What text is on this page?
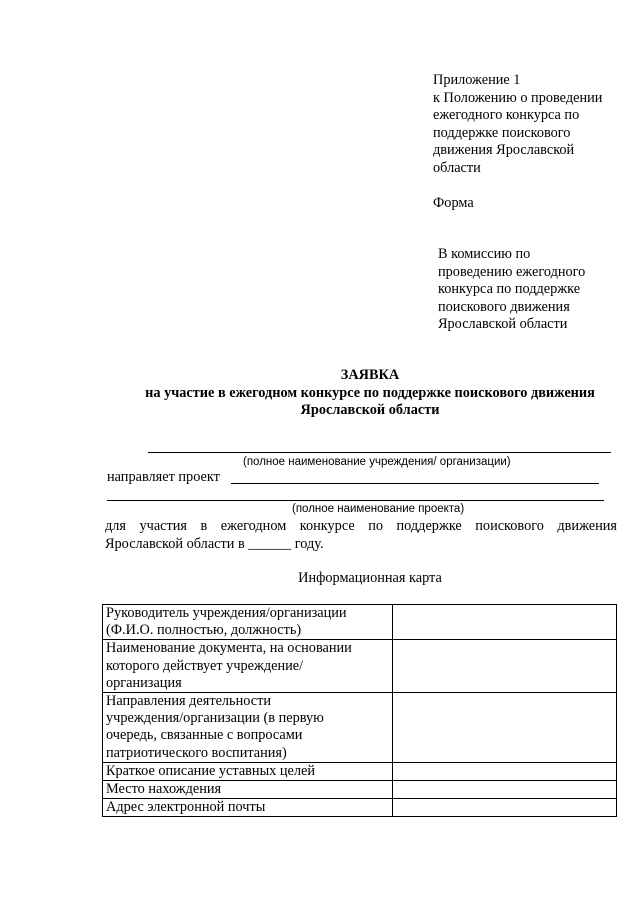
Приложение 1
к Положению о проведении
ежегодного конкурса по
поддержке поискового
движения Ярославской
области
Форма
В комиссию по
проведению ежегодного
конкурса по поддержке
поискового движения
Ярославской области
ЗАЯВКА
на участие в ежегодном конкурсе по поддержке поискового движения
Ярославской области
(полное наименование учреждения/ организации)
направляет проект
(полное наименование проекта)
для участия в ежегодном конкурсе по поддержке поискового движения
Ярославской области в ______ году.
Информационная карта
Руководитель учреждения/организации
(Ф.И.О. полностью, должность)	

Наименование документа, на основании
которого действует учреждение/
организация	

Направления деятельности
учреждения/организации (в первую
очередь, связанные с вопросами
патриотического воспитания)	

Краткое описание уставных целей	

Место нахождения	

Адрес электронной почты	
